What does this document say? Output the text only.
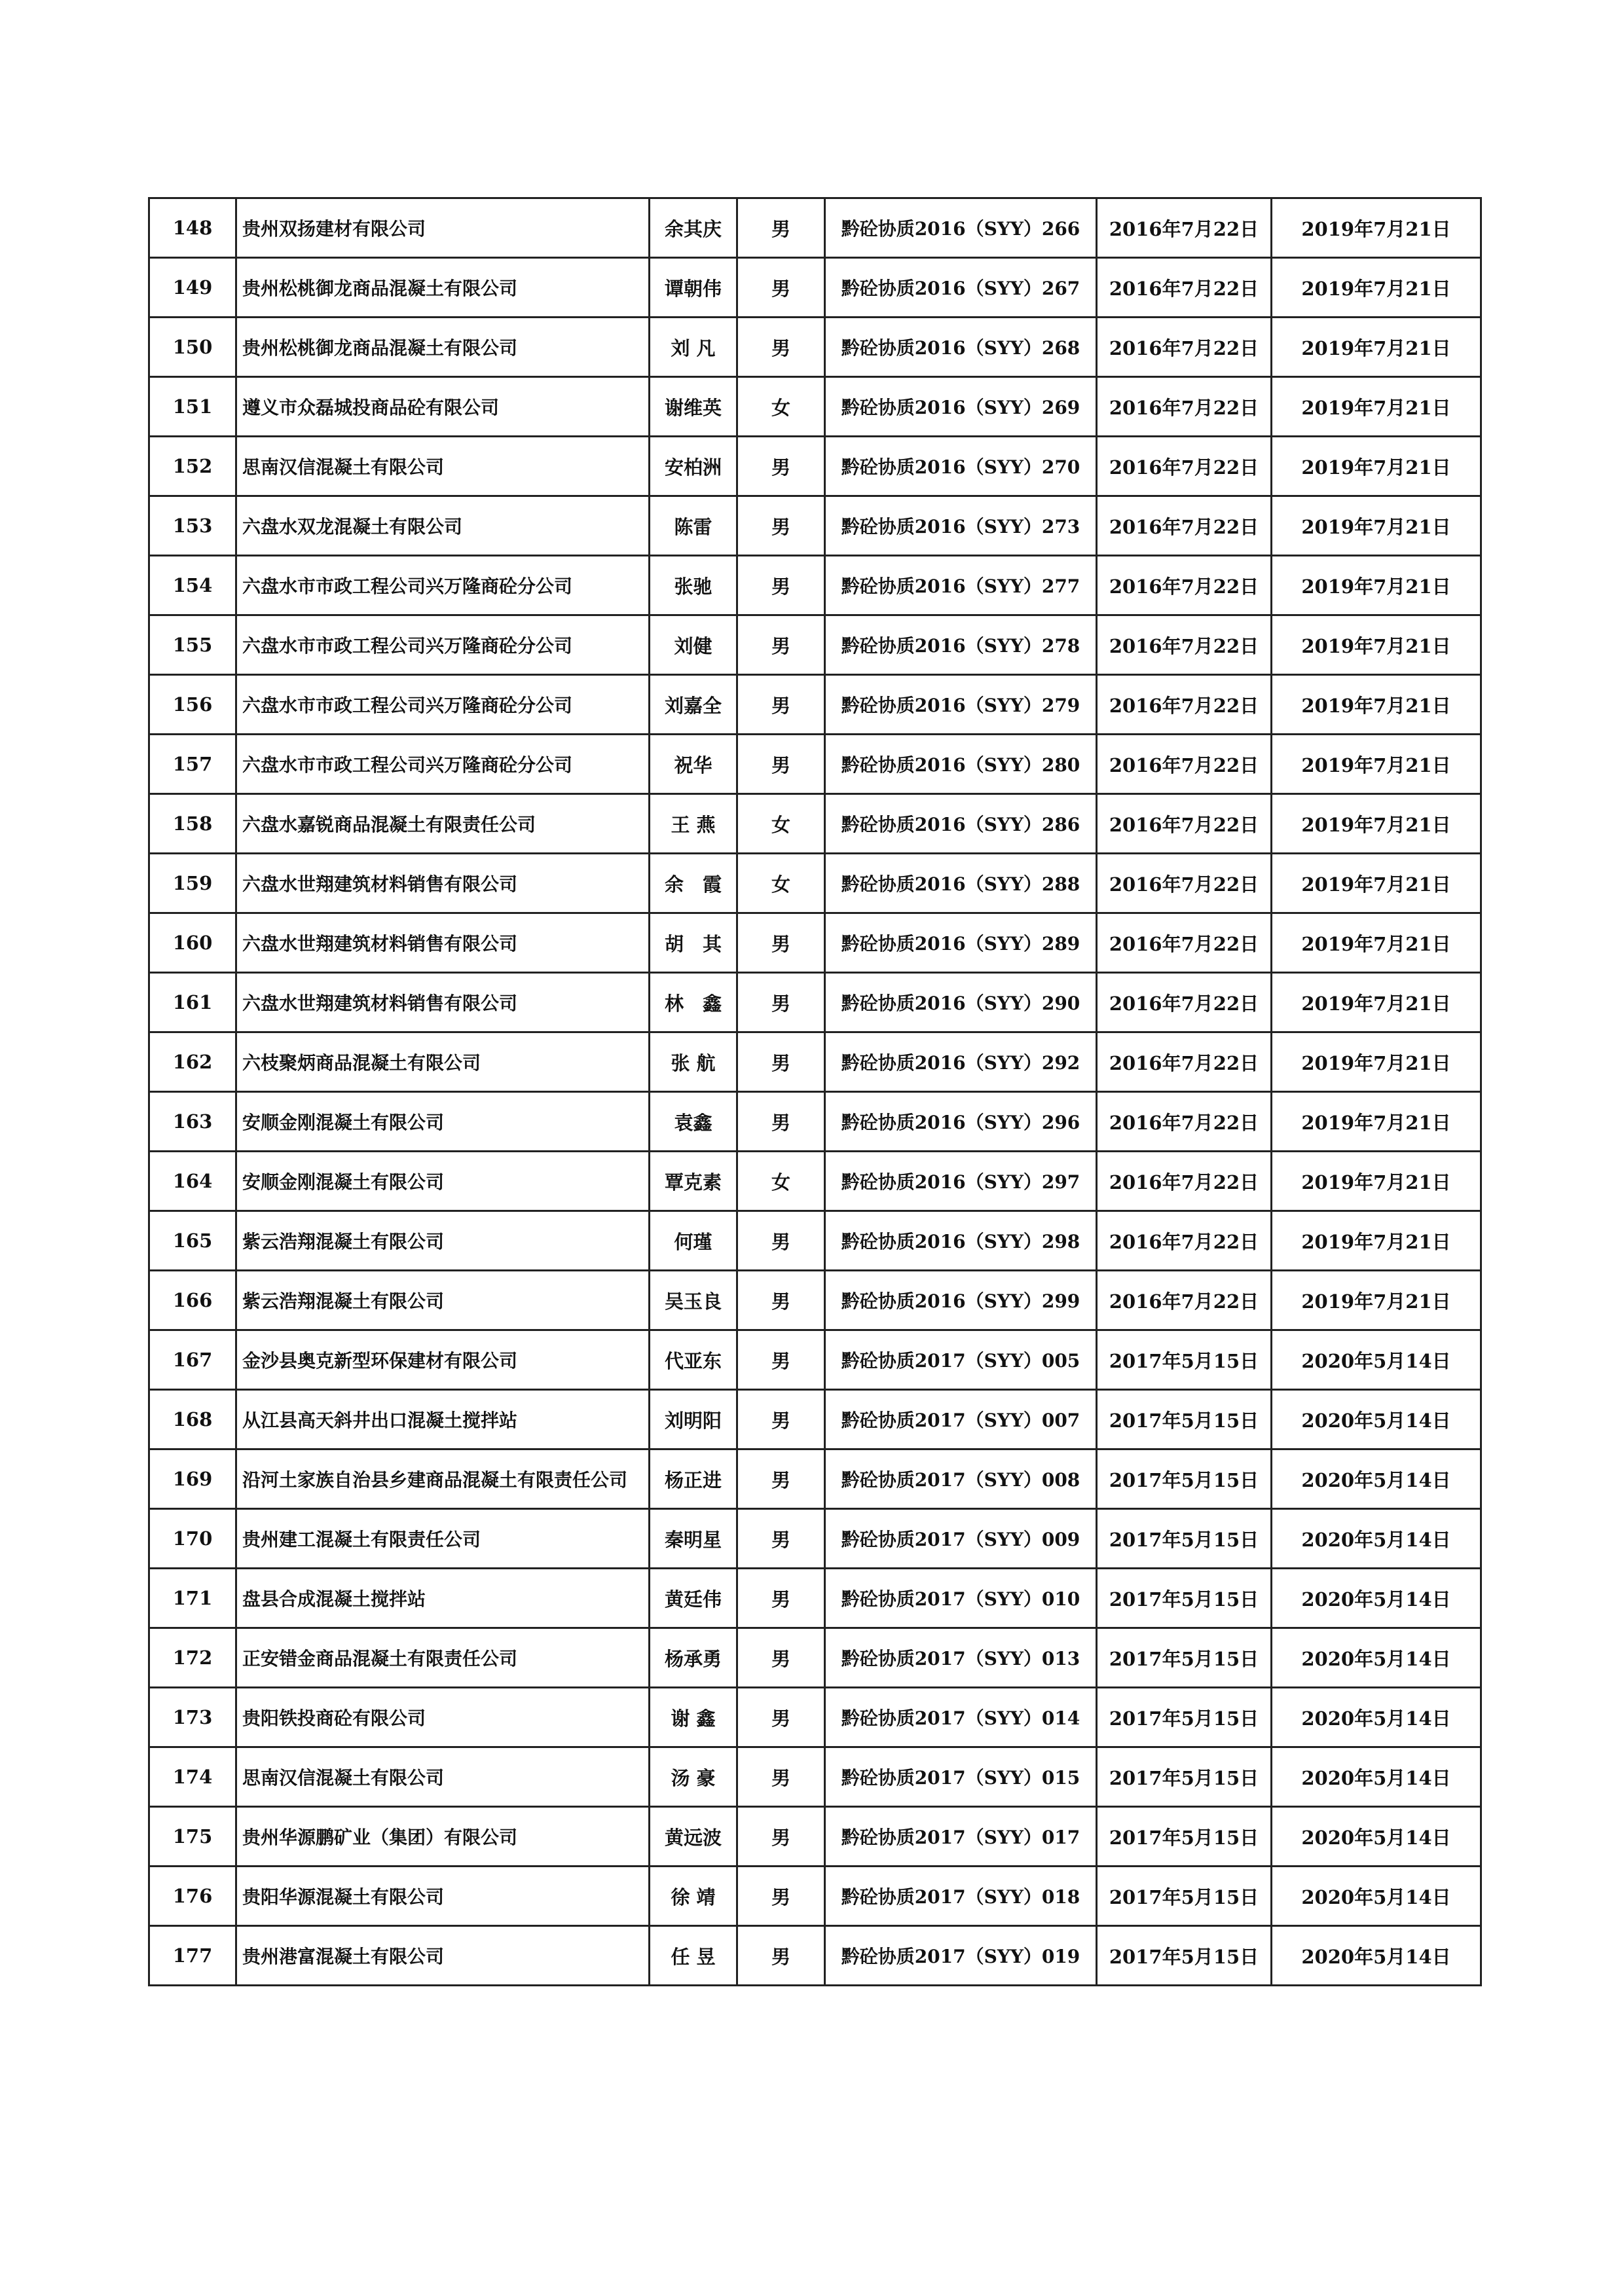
148	贵州双扬建材有限公司	余其庆	男	黔砼协质2016（SYY）266	2016年7月22日	2019年7月21日
149	贵州松桃御龙商品混凝土有限公司	谭朝伟	男	黔砼协质2016（SYY）267	2016年7月22日	2019年7月21日
150	贵州松桃御龙商品混凝土有限公司	刘 凡	男	黔砼协质2016（SYY）268	2016年7月22日	2019年7月21日
151	遵义市众磊城投商品砼有限公司	谢维英	女	黔砼协质2016（SYY）269	2016年7月22日	2019年7月21日
152	思南汉信混凝土有限公司	安柏洲	男	黔砼协质2016（SYY）270	2016年7月22日	2019年7月21日
153	六盘水双龙混凝土有限公司	陈雷	男	黔砼协质2016（SYY）273	2016年7月22日	2019年7月21日
154	六盘水市市政工程公司兴万隆商砼分公司	张驰	男	黔砼协质2016（SYY）277	2016年7月22日	2019年7月21日
155	六盘水市市政工程公司兴万隆商砼分公司	刘健	男	黔砼协质2016（SYY）278	2016年7月22日	2019年7月21日
156	六盘水市市政工程公司兴万隆商砼分公司	刘嘉全	男	黔砼协质2016（SYY）279	2016年7月22日	2019年7月21日
157	六盘水市市政工程公司兴万隆商砼分公司	祝华	男	黔砼协质2016（SYY）280	2016年7月22日	2019年7月21日
158	六盘水嘉锐商品混凝土有限责任公司	王 燕	女	黔砼协质2016（SYY）286	2016年7月22日	2019年7月21日
159	六盘水世翔建筑材料销售有限公司	余　霞	女	黔砼协质2016（SYY）288	2016年7月22日	2019年7月21日
160	六盘水世翔建筑材料销售有限公司	胡　其	男	黔砼协质2016（SYY）289	2016年7月22日	2019年7月21日
161	六盘水世翔建筑材料销售有限公司	林　鑫	男	黔砼协质2016（SYY）290	2016年7月22日	2019年7月21日
162	六枝聚炳商品混凝土有限公司	张 航	男	黔砼协质2016（SYY）292	2016年7月22日	2019年7月21日
163	安顺金刚混凝土有限公司	袁鑫	男	黔砼协质2016（SYY）296	2016年7月22日	2019年7月21日
164	安顺金刚混凝土有限公司	覃克素	女	黔砼协质2016（SYY）297	2016年7月22日	2019年7月21日
165	紫云浩翔混凝土有限公司	何瑾	男	黔砼协质2016（SYY）298	2016年7月22日	2019年7月21日
166	紫云浩翔混凝土有限公司	吴玉良	男	黔砼协质2016（SYY）299	2016年7月22日	2019年7月21日
167	金沙县奥克新型环保建材有限公司	代亚东	男	黔砼协质2017（SYY）005	2017年5月15日	2020年5月14日
168	从江县高天斜井出口混凝土搅拌站	刘明阳	男	黔砼协质2017（SYY）007	2017年5月15日	2020年5月14日
169	沿河土家族自治县乡建商品混凝土有限责任公司	杨正进	男	黔砼协质2017（SYY）008	2017年5月15日	2020年5月14日
170	贵州建工混凝土有限责任公司	秦明星	男	黔砼协质2017（SYY）009	2017年5月15日	2020年5月14日
171	盘县合成混凝土搅拌站	黄廷伟	男	黔砼协质2017（SYY）010	2017年5月15日	2020年5月14日
172	正安错金商品混凝土有限责任公司	杨承勇	男	黔砼协质2017（SYY）013	2017年5月15日	2020年5月14日
173	贵阳铁投商砼有限公司	谢 鑫	男	黔砼协质2017（SYY）014	2017年5月15日	2020年5月14日
174	思南汉信混凝土有限公司	汤 豪	男	黔砼协质2017（SYY）015	2017年5月15日	2020年5月14日
175	贵州华源鹏矿业（集团）有限公司	黄远波	男	黔砼协质2017（SYY）017	2017年5月15日	2020年5月14日
176	贵阳华源混凝土有限公司	徐 靖	男	黔砼协质2017（SYY）018	2017年5月15日	2020年5月14日
177	贵州港富混凝土有限公司	任 昱	男	黔砼协质2017（SYY）019	2017年5月15日	2020年5月14日
